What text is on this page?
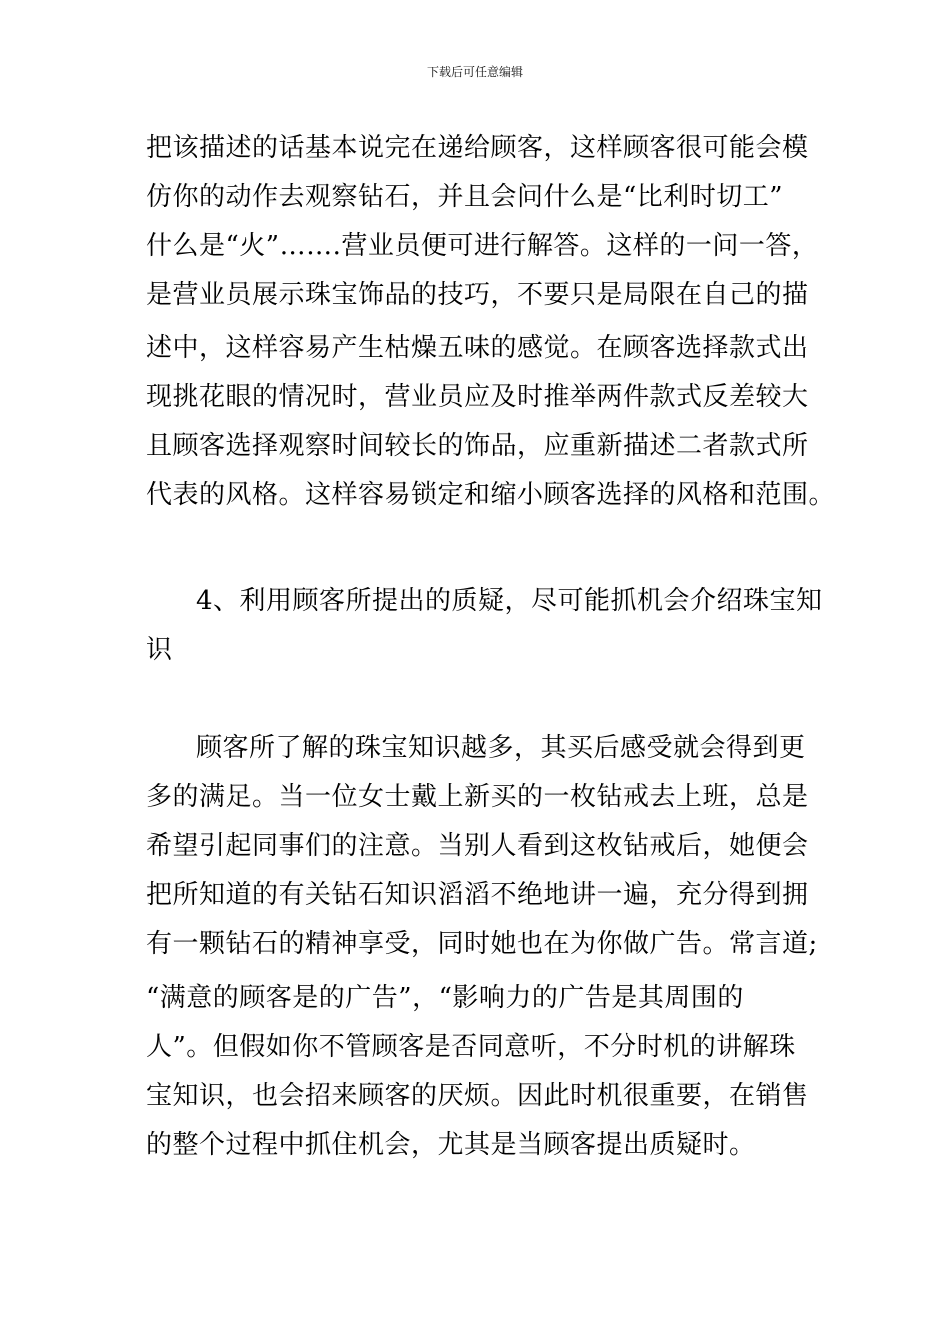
下载后可任意编辑
把该描述的话基本说完在递给顾客，这样顾客很可能会模
仿你的动作去观察钻石，并且会问什么是“比利时切工”
什么是“火”…….营业员便可进行解答。这样的一问一答，
是营业员展示珠宝饰品的技巧，不要只是局限在自己的描
述中，这样容易产生枯燥五味的感觉。在顾客选择款式出
现挑花眼的情况时，营业员应及时推举两件款式反差较大
且顾客选择观察时间较长的饰品，应重新描述二者款式所
代表的风格。这样容易锁定和缩小顾客选择的风格和范围。
4、利用顾客所提出的质疑，尽可能抓机会介绍珠宝知
识
顾客所了解的珠宝知识越多，其买后感受就会得到更
多的满足。当一位女士戴上新买的一枚钻戒去上班，总是
希望引起同事们的注意。当别人看到这枚钻戒后，她便会
把所知道的有关钻石知识滔滔不绝地讲一遍，充分得到拥
有一颗钻石的精神享受，同时她也在为你做广告。常言道;
“满意的顾客是的广告”，“影响力的广告是其周围的
人”。但假如你不管顾客是否同意听，不分时机的讲解珠
宝知识，也会招来顾客的厌烦。因此时机很重要，在销售
的整个过程中抓住机会，尤其是当顾客提出质疑时。
